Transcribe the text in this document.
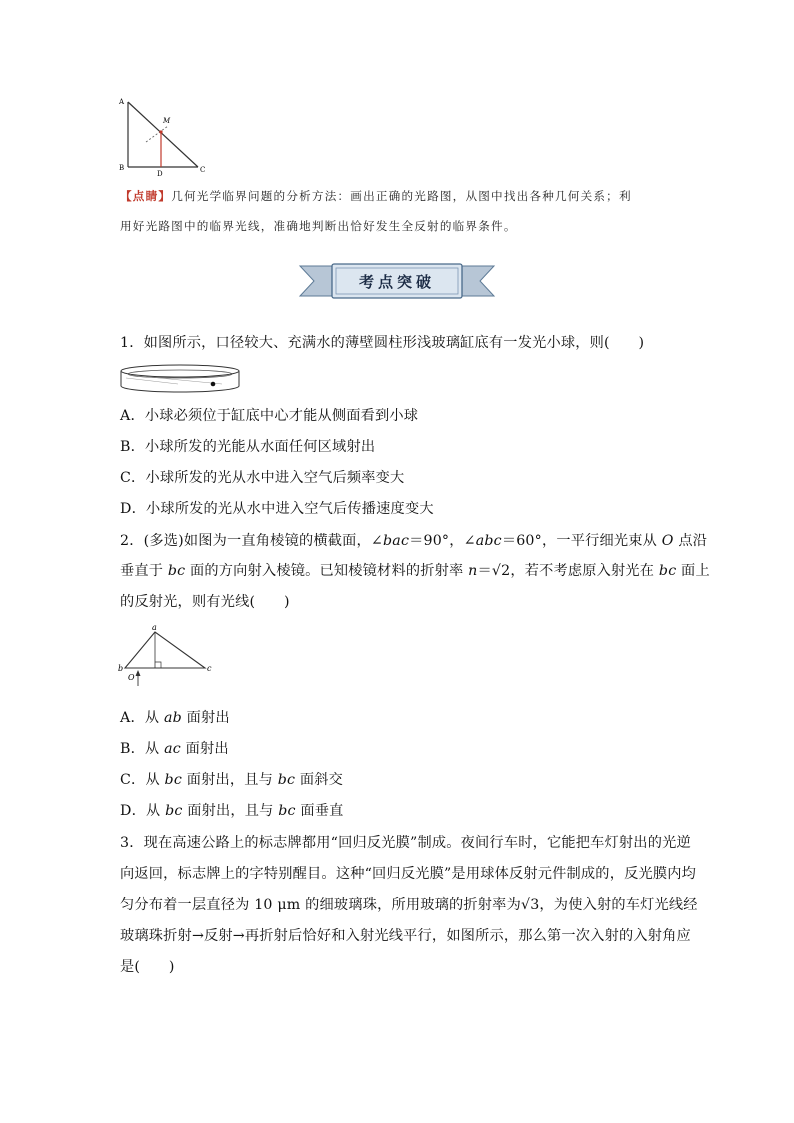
A
M
B
D	C
【点睛】几何光学临界问题的分析方法：画出正确的光路图，从图中找出各种几何关系；利
用好光路图中的临界光线，准确地判断出恰好发生全反射的临界条件。
考点突破
1．如图所示，口径较大、充满水的薄壁圆柱形浅玻璃缸底有一发光小球，则(　　)
A．小球必须位于缸底中心才能从侧面看到小球
B．小球所发的光能从水面任何区域射出
C．小球所发的光从水中进入空气后频率变大
D．小球所发的光从水中进入空气后传播速度变大
2．(多选)如图为一直角棱镜的横截面，∠bac＝90°，∠abc＝60°，一平行细光束从 O 点沿
垂直于 bc 面的方向射入棱镜。已知棱镜材料的折射率 n＝√2，若不考虑原入射光在 bc 面上
的反射光，则有光线(　　)
a
b	c
O
A．从 ab 面射出
B．从 ac 面射出
C．从 bc 面射出，且与 bc 面斜交
D．从 bc 面射出，且与 bc 面垂直
3．现在高速公路上的标志牌都用“回归反光膜”制成。夜间行车时，它能把车灯射出的光逆
向返回，标志牌上的字特别醒目。这种“回归反光膜”是用球体反射元件制成的，反光膜内均
匀分布着一层直径为 10 μm 的细玻璃珠，所用玻璃的折射率为√3，为使入射的车灯光线经
玻璃珠折射→反射→再折射后恰好和入射光线平行，如图所示，那么第一次入射的入射角应
是(　　)
